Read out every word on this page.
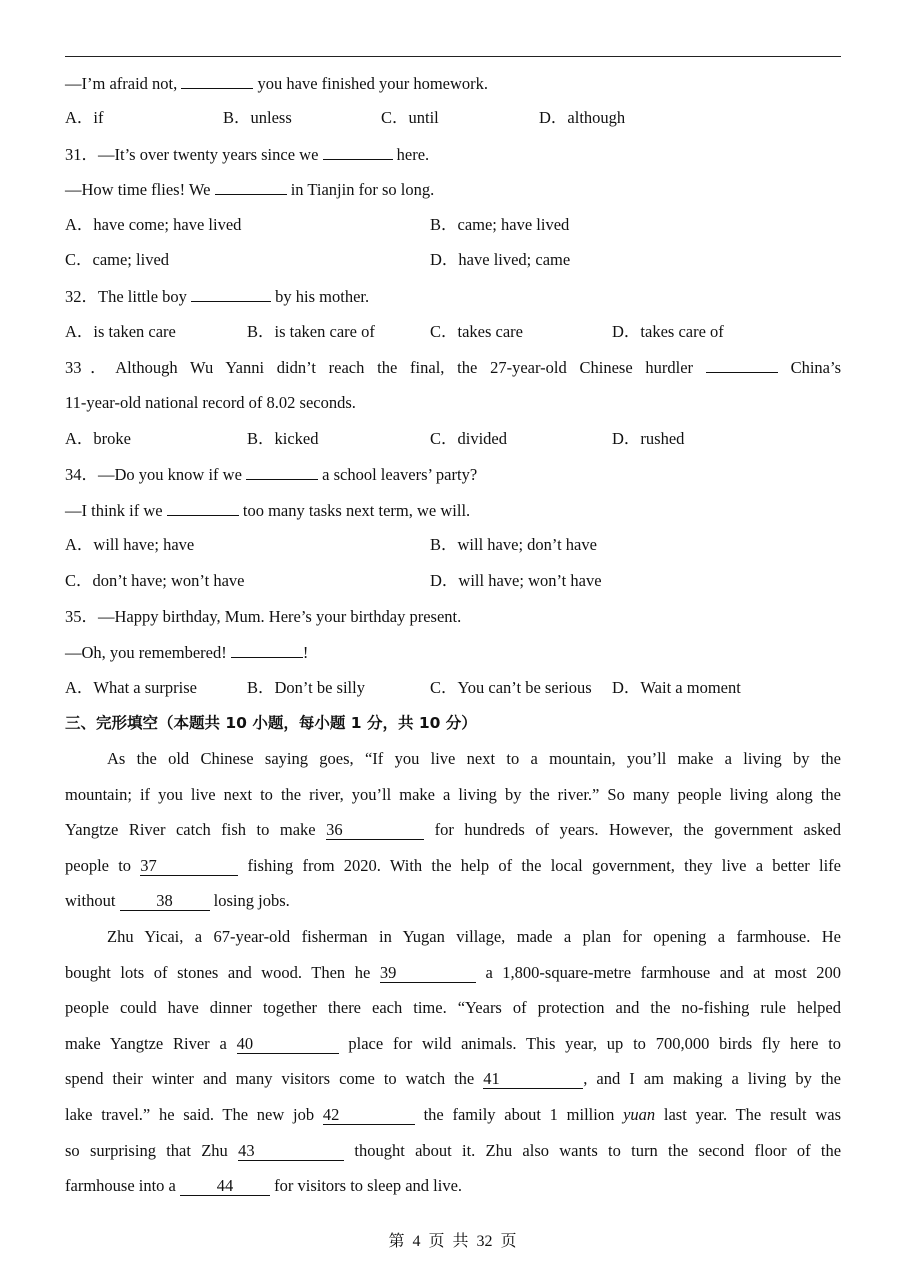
—I’m afraid not,	you have finished your homework.
A．if	B．unless	C．until	D．although
31．—It’s over twenty years since we	here.
—How time flies! We	in Tianjin for so long.
A．have come; have lived	B．came; have lived
C．came; lived	D．have lived; came
32．The little boy	by his mother.
A．is taken care	B．is taken care of	C．takes care	D．takes care of
33．Although Wu Yanni didn’t reach the final, the 27-year-old Chinese hurdler	China’s
11-year-old national record of 8.02 seconds.
A．broke	B．kicked	C．divided	D．rushed
34．—Do you know if we	a school leavers’ party?
—I think if we	too many tasks next term, we will.
A．will have; have	B．will have; don’t have
C．don’t have; won’t have	D．will have; won’t have
35．—Happy birthday, Mum. Here’s your birthday present.
—Oh, you remembered!	!
A．What a surprise	B．Don’t be silly	C．You can’t be serious D．Wait a moment
三、完形填空（本题共 10 小题，每小题 1 分，共 10 分）
As the old Chinese saying goes, “If you live next to a mountain, you’ll make a living by the
mountain; if you live next to the river, you’ll make a living by the river.” So many people living along the
Yangtze River catch fish to make 36	for hundreds of years. However, the government asked
people to 37	fishing from 2020. With the help of the local government, they live a better life
without 38 losing jobs.
Zhu Yicai, a 67-year-old fisherman in Yugan village, made a plan for opening a farmhouse. He
bought lots of stones and wood. Then he 39	a 1,800-square-metre farmhouse and at most 200
people could have dinner together there each time. “Years of protection and the no-fishing rule helped
make Yangtze River a 40	place for wild animals. This year, up to 700,000 birds fly here to
spend their winter and many visitors come to watch the 41	, and I am making a living by the
lake travel.” he said. The new job 42	the family about 1 million yuan last year. The result was
so surprising that Zhu 43	thought about it. Zhu also wants to turn the second floor of the
farmhouse into a 44 for visitors to sleep and live.
第 4 页 共 32 页
